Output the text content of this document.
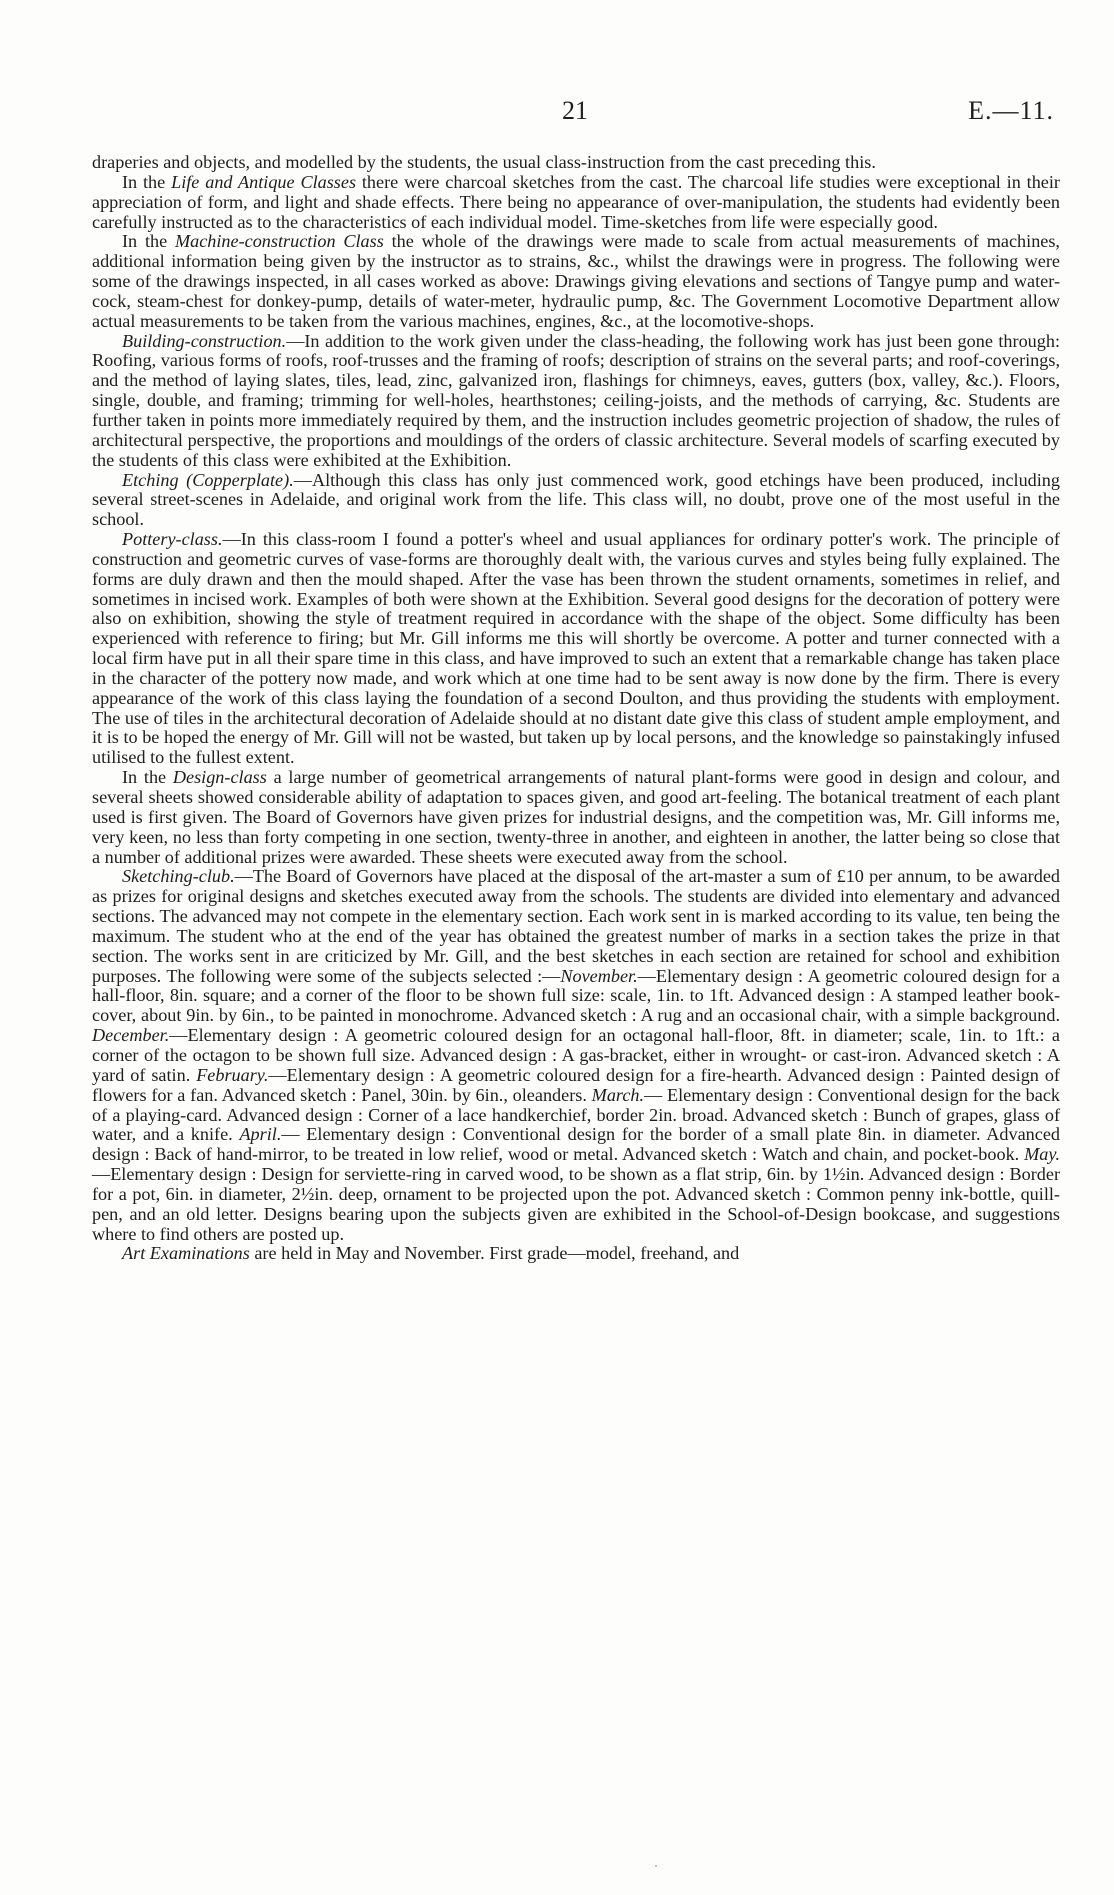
21	E.—11.

draperies and objects, and modelled by the students, the usual class-instruction from the cast preceding this.

In the Life and Antique Classes there were charcoal sketches from the cast. The charcoal life studies were exceptional in their appreciation of form, and light and shade effects. There being no appearance of over-manipulation, the students had evidently been carefully instructed as to the characteristics of each individual model. Time-sketches from life were especially good.

In the Machine-construction Class the whole of the drawings were made to scale from actual measurements of machines, additional information being given by the instructor as to strains, &c., whilst the drawings were in progress. The following were some of the drawings inspected, in all cases worked as above: Drawings giving elevations and sections of Tangye pump and water-cock, steam-chest for donkey-pump, details of water-meter, hydraulic pump, &c. The Government Locomotive Department allow actual measurements to be taken from the various machines, engines, &c., at the locomotive-shops.

Building-construction.—In addition to the work given under the class-heading, the following work has just been gone through: Roofing, various forms of roofs, roof-trusses and the framing of roofs; description of strains on the several parts; and roof-coverings, and the method of laying slates, tiles, lead, zinc, galvanized iron, flashings for chimneys, eaves, gutters (box, valley, &c.). Floors, single, double, and framing; trimming for well-holes, hearthstones; ceiling-joists, and the methods of carrying, &c. Students are further taken in points more immediately required by them, and the instruction includes geometric projection of shadow, the rules of architectural perspective, the proportions and mouldings of the orders of classic architecture. Several models of scarfing executed by the students of this class were exhibited at the Exhibition.

Etching (Copperplate).—Although this class has only just commenced work, good etchings have been produced, including several street-scenes in Adelaide, and original work from the life. This class will, no doubt, prove one of the most useful in the school.

Pottery-class.—In this class-room I found a potter's wheel and usual appliances for ordinary potter's work. The principle of construction and geometric curves of vase-forms are thoroughly dealt with, the various curves and styles being fully explained. The forms are duly drawn and then the mould shaped. After the vase has been thrown the student ornaments, sometimes in relief, and sometimes in incised work. Examples of both were shown at the Exhibition. Several good designs for the decoration of pottery were also on exhibition, showing the style of treatment required in accordance with the shape of the object. Some difficulty has been experienced with reference to firing; but Mr. Gill informs me this will shortly be overcome. A potter and turner connected with a local firm have put in all their spare time in this class, and have improved to such an extent that a remarkable change has taken place in the character of the pottery now made, and work which at one time had to be sent away is now done by the firm. There is every appearance of the work of this class laying the foundation of a second Doulton, and thus providing the students with employment. The use of tiles in the architectural decoration of Adelaide should at no distant date give this class of student ample employment, and it is to be hoped the energy of Mr. Gill will not be wasted, but taken up by local persons, and the knowledge so painstakingly infused utilised to the fullest extent.

In the Design-class a large number of geometrical arrangements of natural plant-forms were good in design and colour, and several sheets showed considerable ability of adaptation to spaces given, and good art-feeling. The botanical treatment of each plant used is first given. The Board of Governors have given prizes for industrial designs, and the competition was, Mr. Gill informs me, very keen, no less than forty competing in one section, twenty-three in another, and eighteen in another, the latter being so close that a number of additional prizes were awarded. These sheets were executed away from the school.

Sketching-club.—The Board of Governors have placed at the disposal of the art-master a sum of £10 per annum, to be awarded as prizes for original designs and sketches executed away from the schools. The students are divided into elementary and advanced sections. The advanced may not compete in the elementary section. Each work sent in is marked according to its value, ten being the maximum. The student who at the end of the year has obtained the greatest number of marks in a section takes the prize in that section. The works sent in are criticized by Mr. Gill, and the best sketches in each section are retained for school and exhibition purposes. The following were some of the subjects selected :—November.—Elementary design : A geometric coloured design for a hall-floor, 8in. square; and a corner of the floor to be shown full size: scale, 1in. to 1ft. Advanced design : A stamped leather book-cover, about 9in. by 6in., to be painted in monochrome. Advanced sketch : A rug and an occasional chair, with a simple background. December.—Elementary design : A geometric coloured design for an octagonal hall-floor, 8ft. in diameter; scale, 1in. to 1ft.: a corner of the octagon to be shown full size. Advanced design : A gas-bracket, either in wrought- or cast-iron. Advanced sketch : A yard of satin. February.—Elementary design : A geometric coloured design for a fire-hearth. Advanced design : Painted design of flowers for a fan. Advanced sketch : Panel, 30in. by 6in., oleanders. March.— Elementary design : Conventional design for the back of a playing-card. Advanced design : Corner of a lace handkerchief, border 2in. broad. Advanced sketch : Bunch of grapes, glass of water, and a knife. April.— Elementary design : Conventional design for the border of a small plate 8in. in diameter. Advanced design : Back of hand-mirror, to be treated in low relief, wood or metal. Advanced sketch : Watch and chain, and pocket-book. May.—Elementary design : Design for serviette-ring in carved wood, to be shown as a flat strip, 6in. by 1½in. Advanced design : Border for a pot, 6in. in diameter, 2½in. deep, ornament to be projected upon the pot. Advanced sketch : Common penny ink-bottle, quill-pen, and an old letter. Designs bearing upon the subjects given are exhibited in the School-of-Design bookcase, and suggestions where to find others are posted up.

Art Examinations are held in May and November. First grade—model, freehand, and
